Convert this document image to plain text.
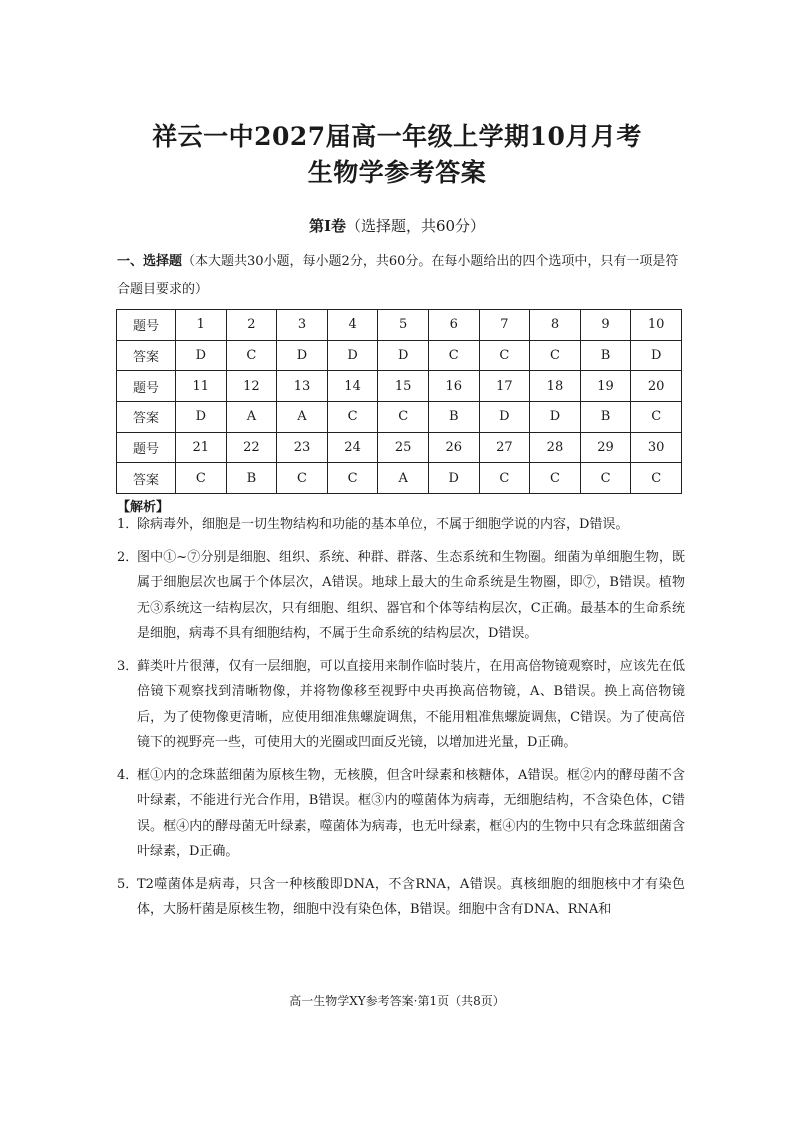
祥云一中2027届高一年级上学期10月月考
生物学参考答案
第Ⅰ卷（选择题，共60分）
一、选择题（本大题共30小题，每小题2分，共60分。在每小题给出的四个选项中，只有一项是符合题目要求的）
题号	1	2	3	4	5	6	7	8	9	10
答案	D	C	D	D	D	C	C	C	B	D
题号	11	12	13	14	15	16	17	18	19	20
答案	D	A	A	C	C	B	D	D	B	C
题号	21	22	23	24	25	26	27	28	29	30
答案	C	B	C	C	A	D	C	C	C	C
【解析】
1．
除病毒外，细胞是一切生物结构和功能的基本单位，不属于细胞学说的内容，D错误。
2．
图中①~⑦分别是细胞、组织、系统、种群、群落、生态系统和生物圈。细菌为单细胞生物，既属于细胞层次也属于个体层次，A错误。地球上最大的生命系统是生物圈，即⑦，B错误。植物无③系统这一结构层次，只有细胞、组织、器官和个体等结构层次，C正确。最基本的生命系统是细胞，病毒不具有细胞结构，不属于生命系统的结构层次，D错误。
3．
藓类叶片很薄，仅有一层细胞，可以直接用来制作临时装片，在用高倍物镜观察时，应该先在低倍镜下观察找到清晰物像，并将物像移至视野中央再换高倍物镜，A、B错误。换上高倍物镜后，为了使物像更清晰，应使用细准焦螺旋调焦，不能用粗准焦螺旋调焦，C错误。为了使高倍镜下的视野亮一些，可使用大的光圈或凹面反光镜，以增加进光量，D正确。
4．
框①内的念珠蓝细菌为原核生物，无核膜，但含叶绿素和核糖体，A错误。框②内的酵母菌不含叶绿素，不能进行光合作用，B错误。框③内的噬菌体为病毒，无细胞结构，不含染色体，C错误。框④内的酵母菌无叶绿素，噬菌体为病毒，也无叶绿素，框④内的生物中只有念珠蓝细菌含叶绿素，D正确。
5．
T2噬菌体是病毒，只含一种核酸即DNA，不含RNA，A错误。真核细胞的细胞核中才有染色体，大肠杆菌是原核生物，细胞中没有染色体，B错误。细胞中含有DNA、RNA和
高一生物学XY参考答案·第1页（共8页）
